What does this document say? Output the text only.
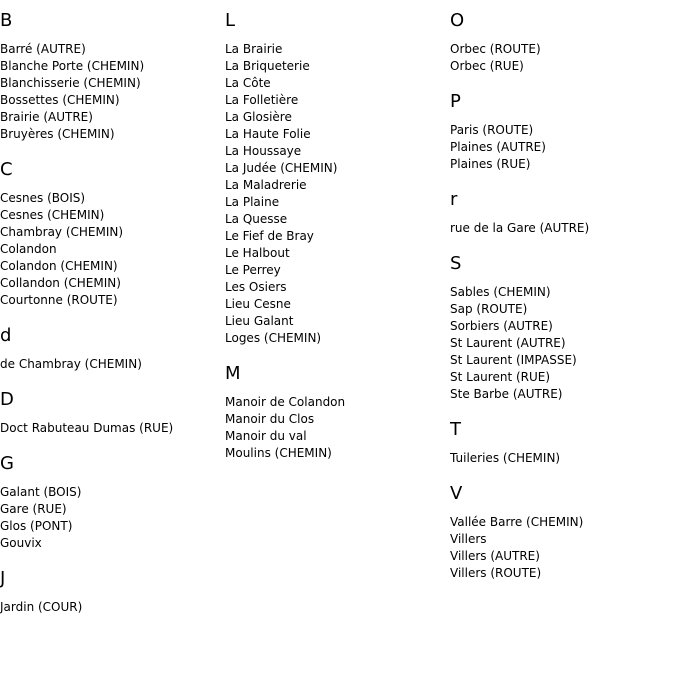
B
Barré (AUTRE)
Blanche Porte (CHEMIN)
Blanchisserie (CHEMIN)
Bossettes (CHEMIN)
Brairie (AUTRE)
Bruyères (CHEMIN)
C
Cesnes (BOIS)
Cesnes (CHEMIN)
Chambray (CHEMIN)
Colandon
Colandon (CHEMIN)
Collandon (CHEMIN)
Courtonne (ROUTE)
d
de Chambray (CHEMIN)
D
Doct Rabuteau Dumas (RUE)
G
Galant (BOIS)
Gare (RUE)
Glos (PONT)
Gouvix
J
Jardin (COUR)
L
La Brairie
La Briqueterie
La Côte
La Folletière
La Glosière
La Haute Folie
La Houssaye
La Judée (CHEMIN)
La Maladrerie
La Plaine
La Quesse
Le Fief de Bray
Le Halbout
Le Perrey
Les Osiers
Lieu Cesne
Lieu Galant
Loges (CHEMIN)
M
Manoir de Colandon
Manoir du Clos
Manoir du val
Moulins (CHEMIN)
O
Orbec (ROUTE)
Orbec (RUE)
P
Paris (ROUTE)
Plaines (AUTRE)
Plaines (RUE)
r
rue de la Gare (AUTRE)
S
Sables (CHEMIN)
Sap (ROUTE)
Sorbiers (AUTRE)
St Laurent (AUTRE)
St Laurent (IMPASSE)
St Laurent (RUE)
Ste Barbe (AUTRE)
T
Tuileries (CHEMIN)
V
Vallée Barre (CHEMIN)
Villers
Villers (AUTRE)
Villers (ROUTE)
